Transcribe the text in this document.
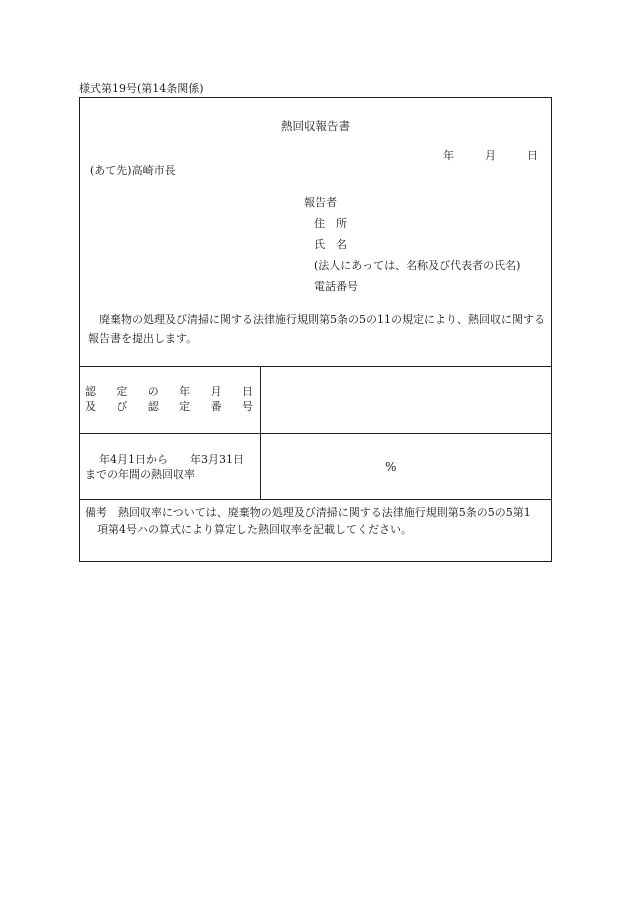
様式第19号(第14条関係)
熱回収報告書
年	月	日
(あて先)高崎市長
報告者
住　所
氏　名
(法人にあっては、名称及び代表者の氏名)
電話番号
廃棄物の処理及び清掃に関する法律施行規則第5条の5の11の規定により、熱回収に関する報告書を提出します。
認 定 の 年 月 日
及 び 認 定 番 号
年4月1日から 年3月31日
までの年間の熱回収率
%
備考　熱回収率については、廃棄物の処理及び清掃に関する法律施行規則第5条の5の5第1
項第4号ハの算式により算定した熱回収率を記載してください。
